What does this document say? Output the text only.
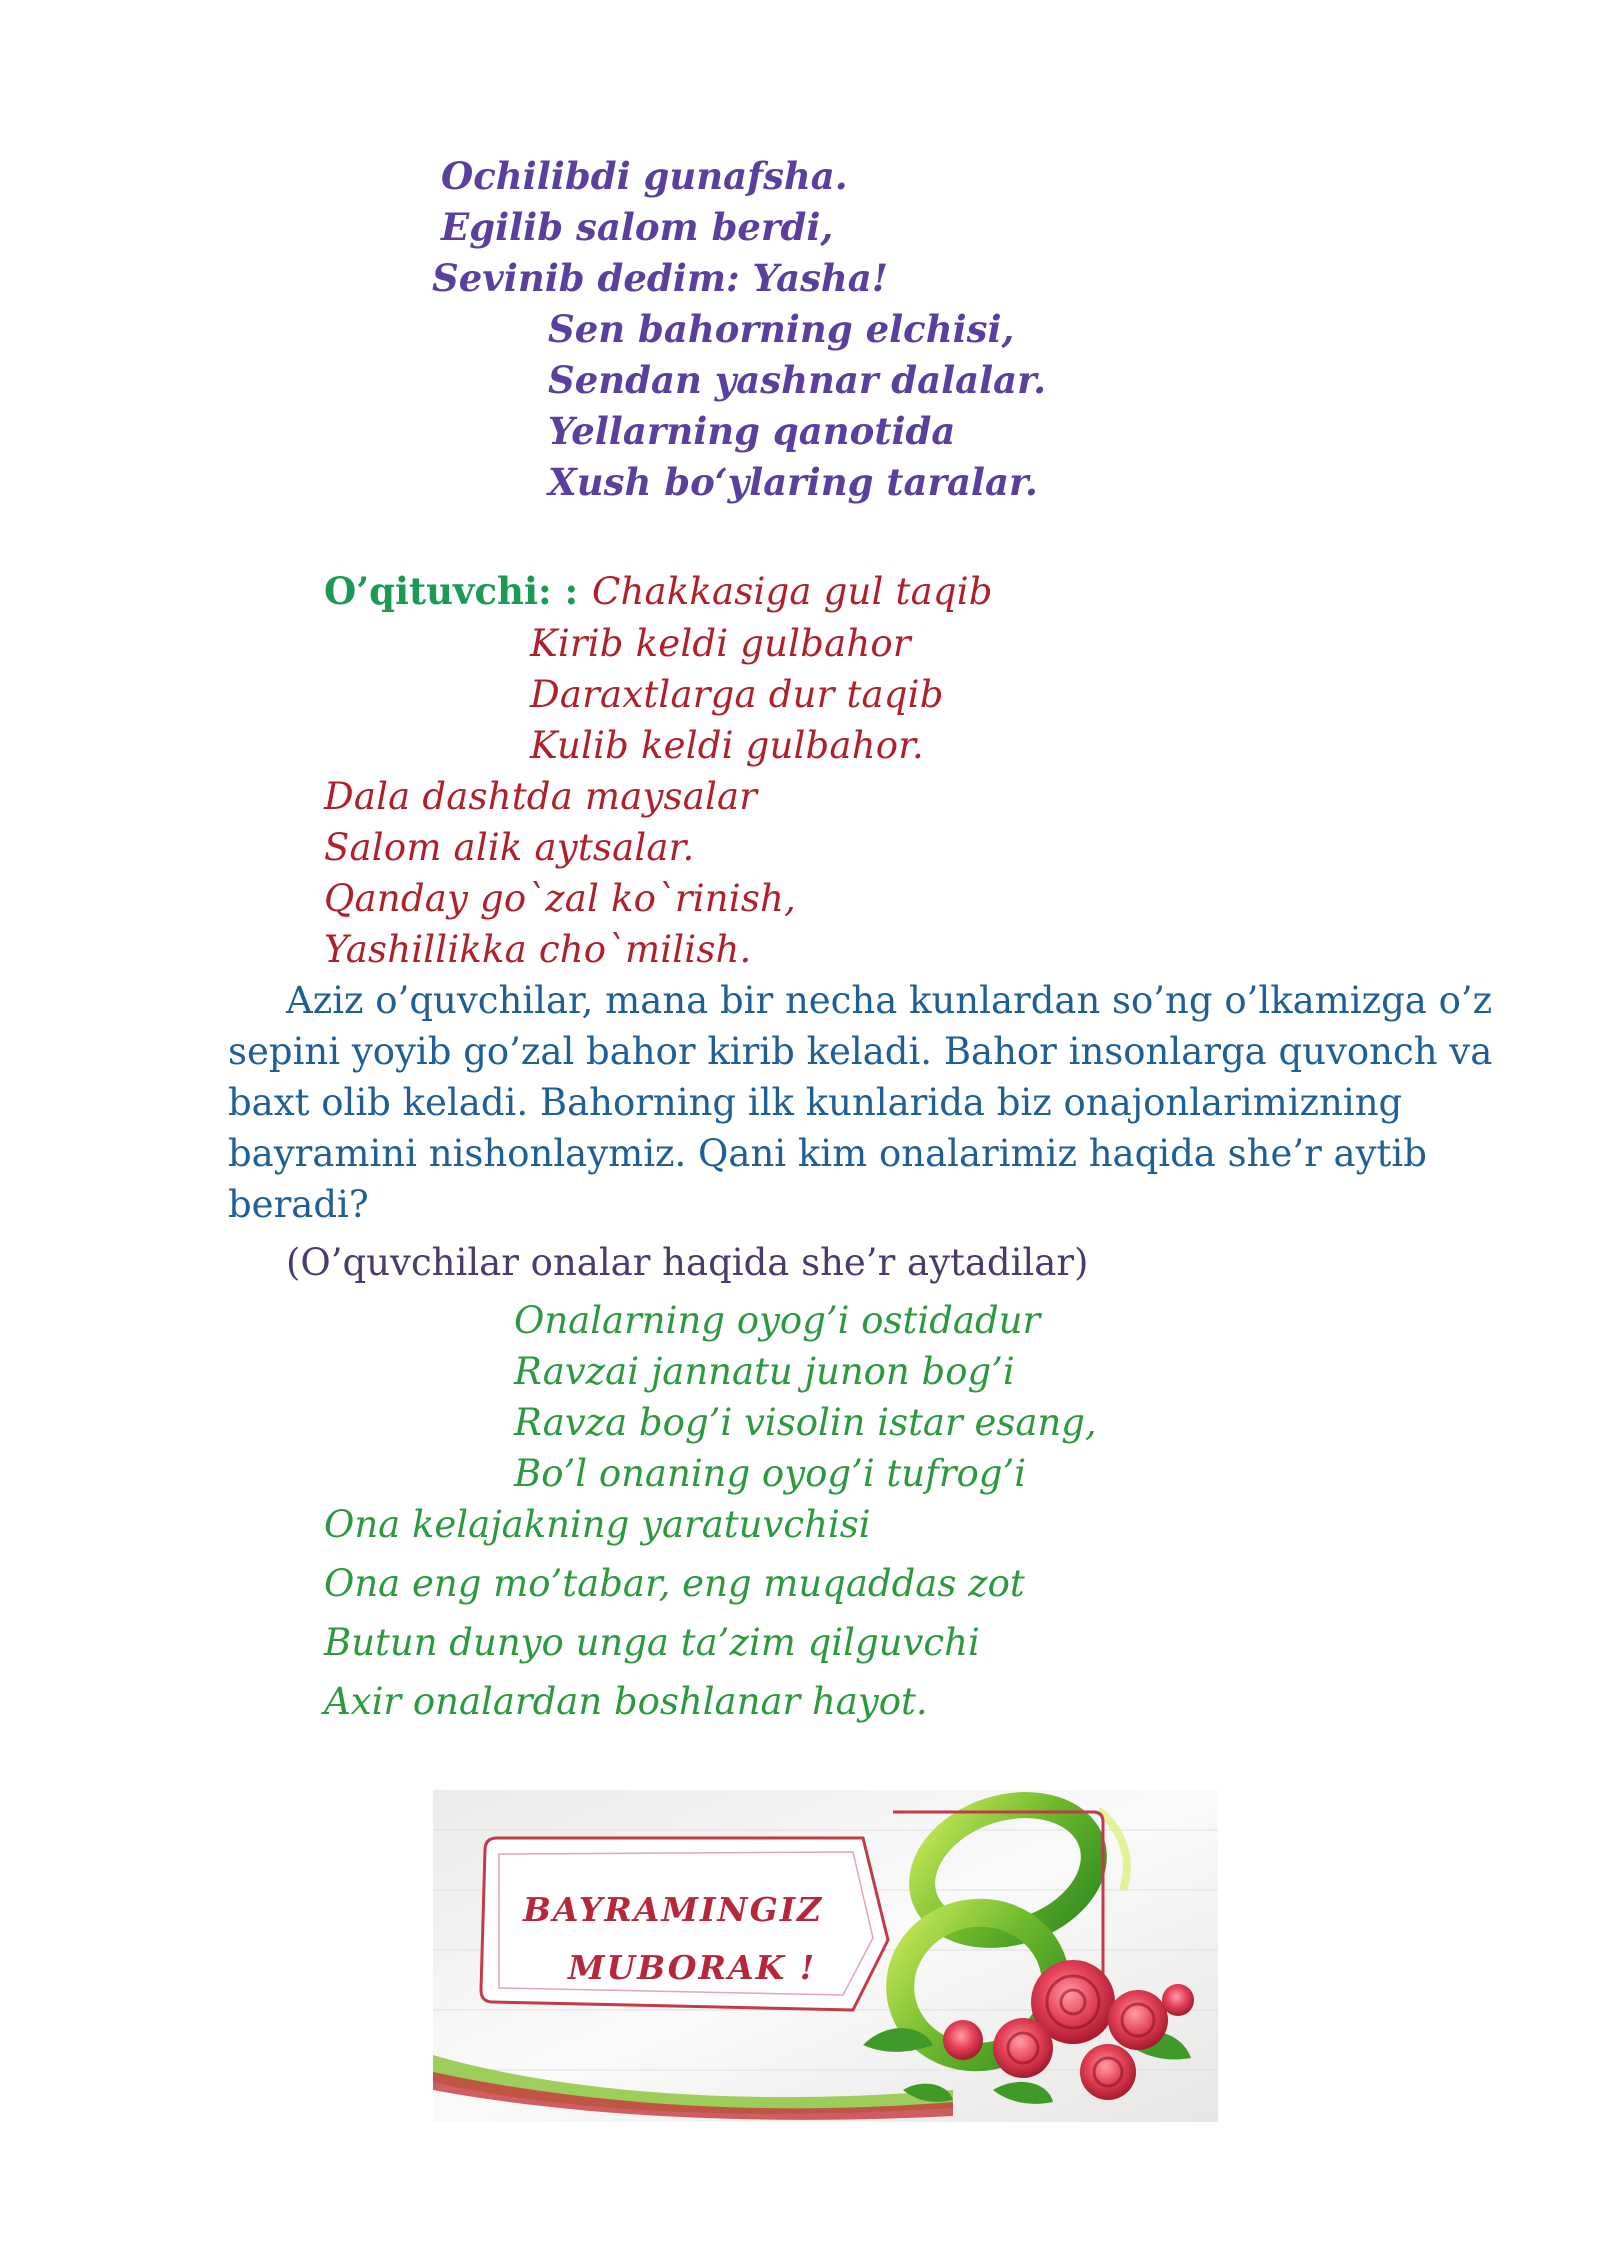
Ochilibdi gunafsha.
Egilib salom berdi,
Sevinib dedim: Yasha!
Sen bahorning elchisi,
Sendan yashnar dalalar.
Yellarning qanotida
Xush bo‘ylaring taralar.
O’qituvchi: : Chakkasiga gul taqib
Kirib keldi gulbahor
Daraxtlarga dur taqib
Kulib keldi gulbahor.
Dala dashtda maysalar
Salom alik aytsalar.
Qanday go`zal ko`rinish,
Yashillikka cho`milish.
Aziz o’quvchilar, mana bir necha kunlardan so’ng o’lkamizga o’z
sepini yoyib go’zal bahor kirib keladi. Bahor insonlarga quvonch va
baxt olib keladi. Bahorning ilk kunlarida biz onajonlarimizning
bayramini nishonlaymiz. Qani kim onalarimiz haqida she’r aytib
beradi?
(O’quvchilar onalar haqida she’r aytadilar)
Onalarning oyog’i ostidadur
Ravzai jannatu junon bog’i
Ravza bog’i visolin istar esang,
Bo’l onaning oyog’i tufrog’i
Ona kelajakning yaratuvchisi
Ona eng mo’tabar, eng muqaddas zot
Butun dunyo unga ta’zim qilguvchi
Axir onalardan boshlanar hayot.
BAYRAMINGIZ
MUBORAK !
